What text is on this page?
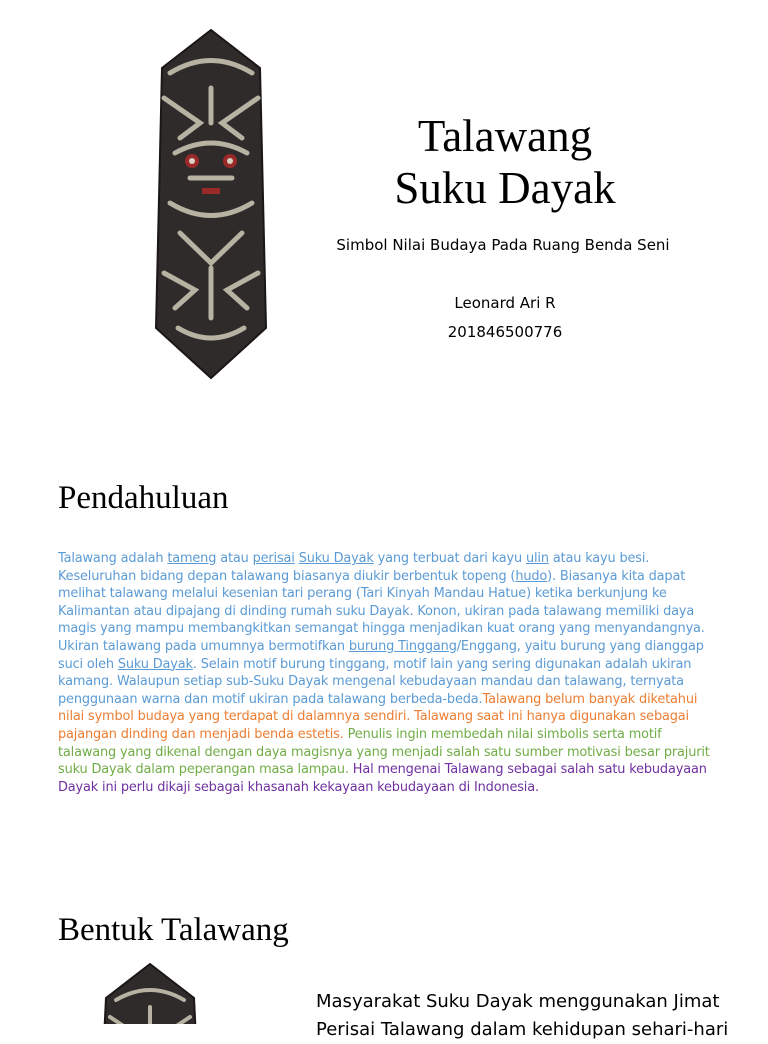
Talawang
Suku Dayak

Simbol Nilai Budaya Pada Ruang Benda Seni

Leonard Ari R
201846500776
Pendahuluan

Talawang adalah tameng atau perisai Suku Dayak yang terbuat dari kayu ulin atau kayu besi. Keseluruhan bidang depan talawang biasanya diukir berbentuk topeng (hudo). Biasanya kita dapat melihat talawang melalui kesenian tari perang (Tari Kinyah Mandau Hatue) ketika berkunjung ke Kalimantan atau dipajang di dinding rumah suku Dayak. Konon, ukiran pada talawang memiliki daya magis yang mampu membangkitkan semangat hingga menjadikan kuat orang yang menyandangnya. Ukiran talawang pada umumnya bermotifkan burung Tinggang/Enggang, yaitu burung yang dianggap suci oleh Suku Dayak. Selain motif burung tinggang, motif lain yang sering digunakan adalah ukiran kamang. Walaupun setiap sub-Suku Dayak mengenal kebudayaan mandau dan talawang, ternyata penggunaan warna dan motif ukiran pada talawang berbeda-beda.Talawang belum banyak diketahui nilai symbol budaya yang terdapat di dalamnya sendiri. Talawang saat ini hanya digunakan sebagai pajangan dinding dan menjadi benda estetis. Penulis ingin membedah nilai simbolis serta motif talawang yang dikenal dengan daya magisnya yang menjadi salah satu sumber motivasi besar prajurit suku Dayak dalam peperangan masa lampau. Hal mengenai Talawang sebagai salah satu kebudayaan Dayak ini perlu dikaji sebagai khasanah kekayaan kebudayaan di Indonesia.

Bentuk Talawang

Masyarakat Suku Dayak menggunakan Jimat Perisai Talawang dalam kehidupan sehari-hari
